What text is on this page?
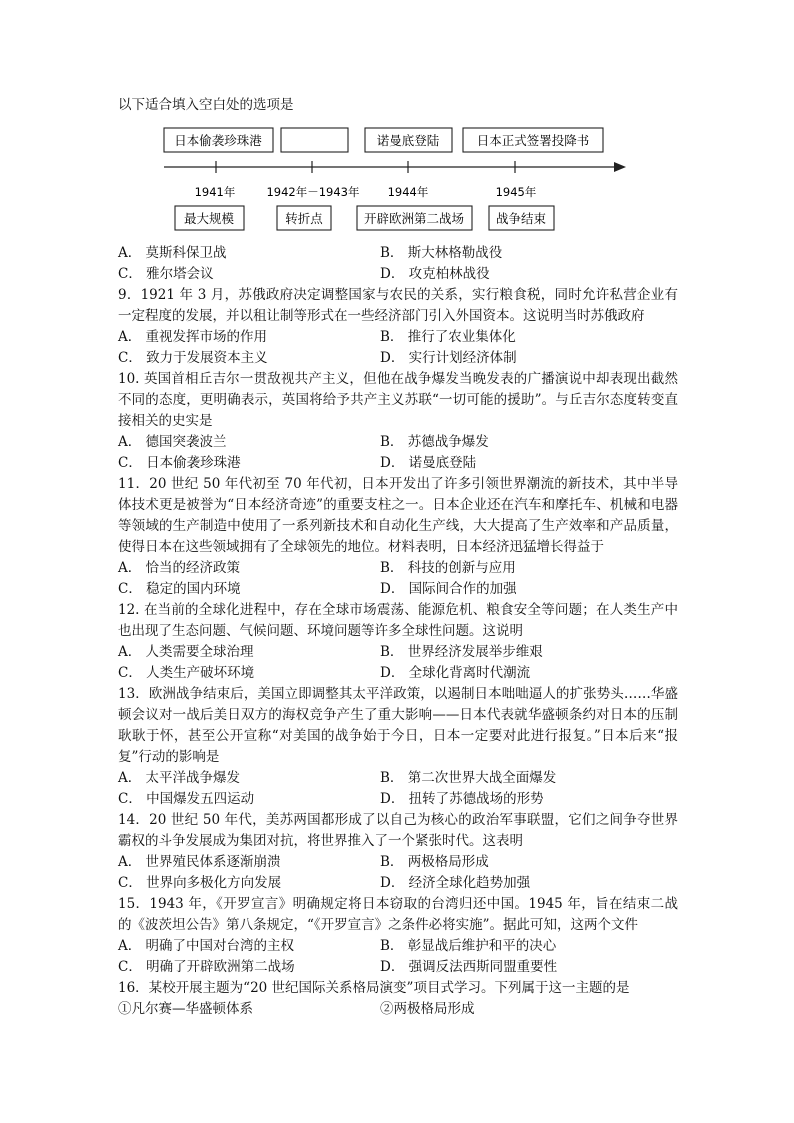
以下适合填入空白处的选项是
日本偷袭珍珠港	诺曼底登陆	日本正式签署投降书
1941年	1942年－1943年 1944年	1945年
最大规模	转折点	开辟欧洲第二战场	战争结束
A． 莫斯科保卫战	B． 斯大林格勒战役
C． 雅尔塔会议	D． 攻克柏林战役
9．1921 年 3 月，苏俄政府决定调整国家与农民的关系，实行粮食税，同时允许私营企业有一定程度的发展，并以租让制等形式在一些经济部门引入外国资本。这说明当时苏俄政府
A． 重视发挥市场的作用	B． 推行了农业集体化
C． 致力于发展资本主义	D． 实行计划经济体制
10. 英国首相丘吉尔一贯敌视共产主义，但他在战争爆发当晚发表的广播演说中却表现出截然不同的态度，更明确表示，英国将给予共产主义苏联“一切可能的援助”。与丘吉尔态度转变直接相关的史实是
A． 德国突袭波兰	B． 苏德战争爆发
C． 日本偷袭珍珠港	D． 诺曼底登陆
11．20 世纪 50 年代初至 70 年代初，日本开发出了许多引领世界潮流的新技术，其中半导体技术更是被誉为“日本经济奇迹”的重要支柱之一。日本企业还在汽车和摩托车、机械和电器等领域的生产制造中使用了一系列新技术和自动化生产线，大大提高了生产效率和产品质量，使得日本在这些领域拥有了全球领先的地位。材料表明，日本经济迅猛增长得益于
A． 恰当的经济政策	B． 科技的创新与应用
C． 稳定的国内环境	D． 国际间合作的加强
12. 在当前的全球化进程中，存在全球市场震荡、能源危机、粮食安全等问题；在人类生产中也出现了生态问题、气候问题、环境问题等许多全球性问题。这说明
A． 人类需要全球治理	B． 世界经济发展举步维艰
C． 人类生产破坏环境	D． 全球化背离时代潮流
13．欧洲战争结束后，美国立即调整其太平洋政策，以遏制日本咄咄逼人的扩张势头……华盛顿会议对一战后美日双方的海权竞争产生了重大影响——日本代表就华盛顿条约对日本的压制耿耿于怀，甚至公开宣称“对美国的战争始于今日，日本一定要对此进行报复。”日本后来“报复”行动的影响是
A． 太平洋战争爆发	B． 第二次世界大战全面爆发
C． 中国爆发五四运动	D． 扭转了苏德战场的形势
14．20 世纪 50 年代，美苏两国都形成了以自己为核心的政治军事联盟，它们之间争夺世界霸权的斗争发展成为集团对抗，将世界推入了一个紧张时代。这表明
A． 世界殖民体系逐渐崩溃	B． 两极格局形成
C． 世界向多极化方向发展	D． 经济全球化趋势加强
15．1943 年，《开罗宣言》明确规定将日本窃取的台湾归还中国。1945 年，旨在结束二战的《波茨坦公告》第八条规定，“《开罗宣言》之条件必将实施”。据此可知，这两个文件
A． 明确了中国对台湾的主权	B． 彰显战后维护和平的决心
C． 明确了开辟欧洲第二战场	D． 强调反法西斯同盟重要性
16．某校开展主题为“20 世纪国际关系格局演变”项目式学习。下列属于这一主题的是
①凡尔赛—华盛顿体系	②两极格局形成
